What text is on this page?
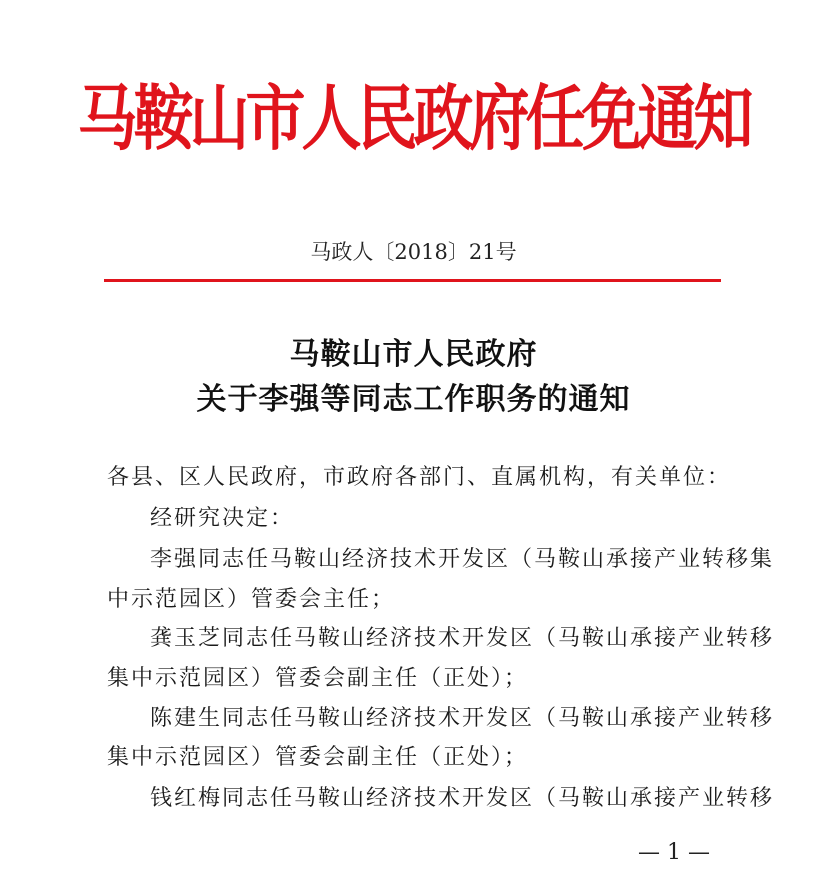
马鞍山市人民政府任免通知
马政人〔2018〕21号
马鞍山市人民政府
关于李强等同志工作职务的通知
各县、区人民政府，市政府各部门、直属机构，有关单位：
经研究决定：
李强同志任马鞍山经济技术开发区（马鞍山承接产业转移集
中示范园区）管委会主任；
龚玉芝同志任马鞍山经济技术开发区（马鞍山承接产业转移
集中示范园区）管委会副主任（正处）；
陈建生同志任马鞍山经济技术开发区（马鞍山承接产业转移
集中示范园区）管委会副主任（正处）；
钱红梅同志任马鞍山经济技术开发区（马鞍山承接产业转移
— 1 —
